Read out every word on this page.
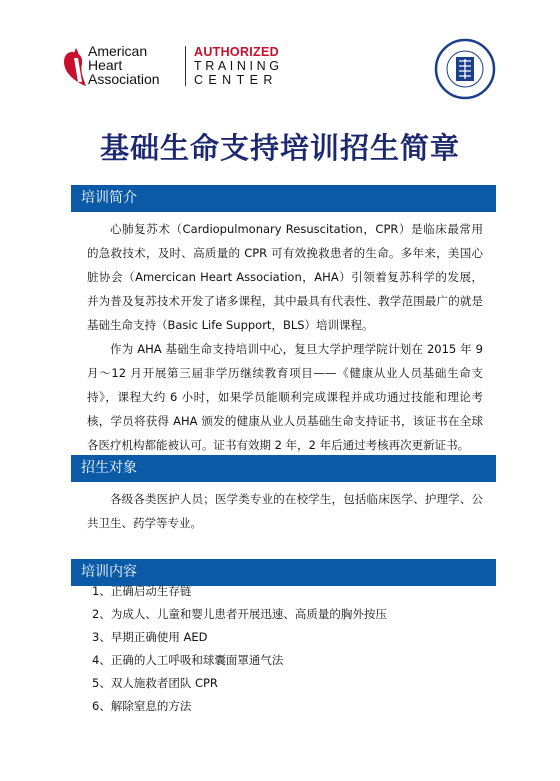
American
Heart
Association
AUTHORIZED
TRAINING
CENTER
基础生命支持培训招生简章
培训简介

心肺复苏术（Cardiopulmonary Resuscitation，CPR）是临床最常用的急救技术，及时、高质量的 CPR 可有效挽救患者的生命。多年来，美国心脏协会（Amercican Heart Association，AHA）引领着复苏科学的发展，并为普及复苏技术开发了诸多课程，其中最具有代表性、教学范围最广的就是基础生命支持（Basic Life Support，BLS）培训课程。

作为 AHA 基础生命支持培训中心，复旦大学护理学院计划在 2015 年 9 月～12 月开展第三届非学历继续教育项目——《健康从业人员基础生命支持》，课程大约 6 小时，如果学员能顺利完成课程并成功通过技能和理论考核，学员将获得 AHA 颁发的健康从业人员基础生命支持证书，该证书在全球各医疗机构都能被认可。证书有效期 2 年，2 年后通过考核再次更新证书。

招生对象

各级各类医护人员；医学类专业的在校学生，包括临床医学、护理学、公共卫生、药学等专业。

培训内容
1、正确启动生存链
2、为成人、儿童和婴儿患者开展迅速、高质量的胸外按压
3、早期正确使用 AED
4、正确的人工呼吸和球囊面罩通气法
5、双人施救者团队 CPR
6、解除窒息的方法
